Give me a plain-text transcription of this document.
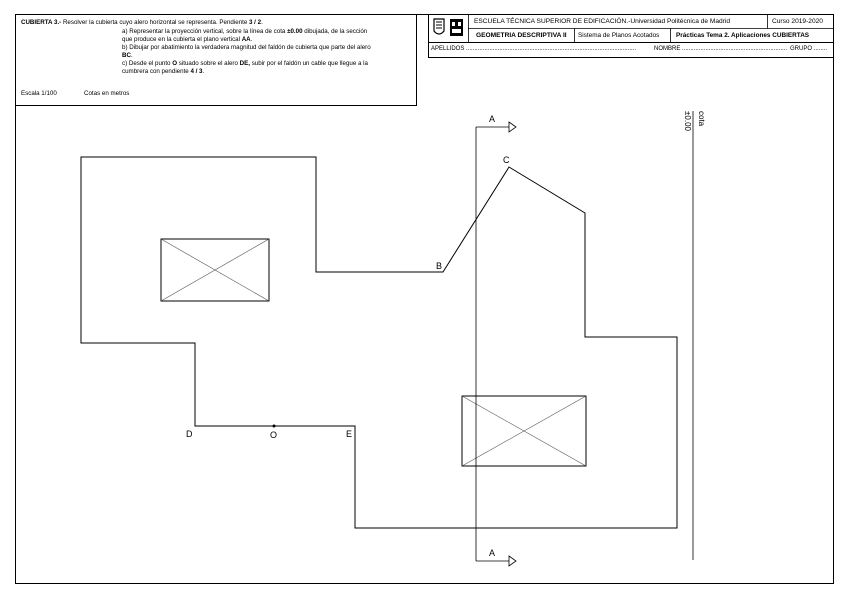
CUBIERTA 3.- Resolver la cubierta cuyo alero horizontal se representa. Pendiente 3 / 2.
a) Representar la proyección vertical, sobre la línea de cota ±0.00 dibujada, de la sección
que produce en la cubierta el plano vertical AA.
b) Dibujar por abatimiento la verdadera magnitud del faldón de cubierta que parte del alero
BC.
c) Desde el punto O situado sobre el alero DE, subir por el faldón un cable que llegue a la
cumbrera con pendiente 4 / 3.
Escala 1/100	Cotas en metros
ESCUELA TÉCNICA SUPERIOR DE EDIFICACIÓN.-Universidad Politécnica de Madrid	Curso 2019-2020
GEOMETRIA DESCRIPTIVA II Sistema de Planos Acotados	Prácticas Tema 2. Aplicaciones CUBIERTAS
APELLIDOS ......................................................................................................	NOMBRE ............................................................... GRUPO ........
A
A
B
C
D	E
O
cota
±0.00
